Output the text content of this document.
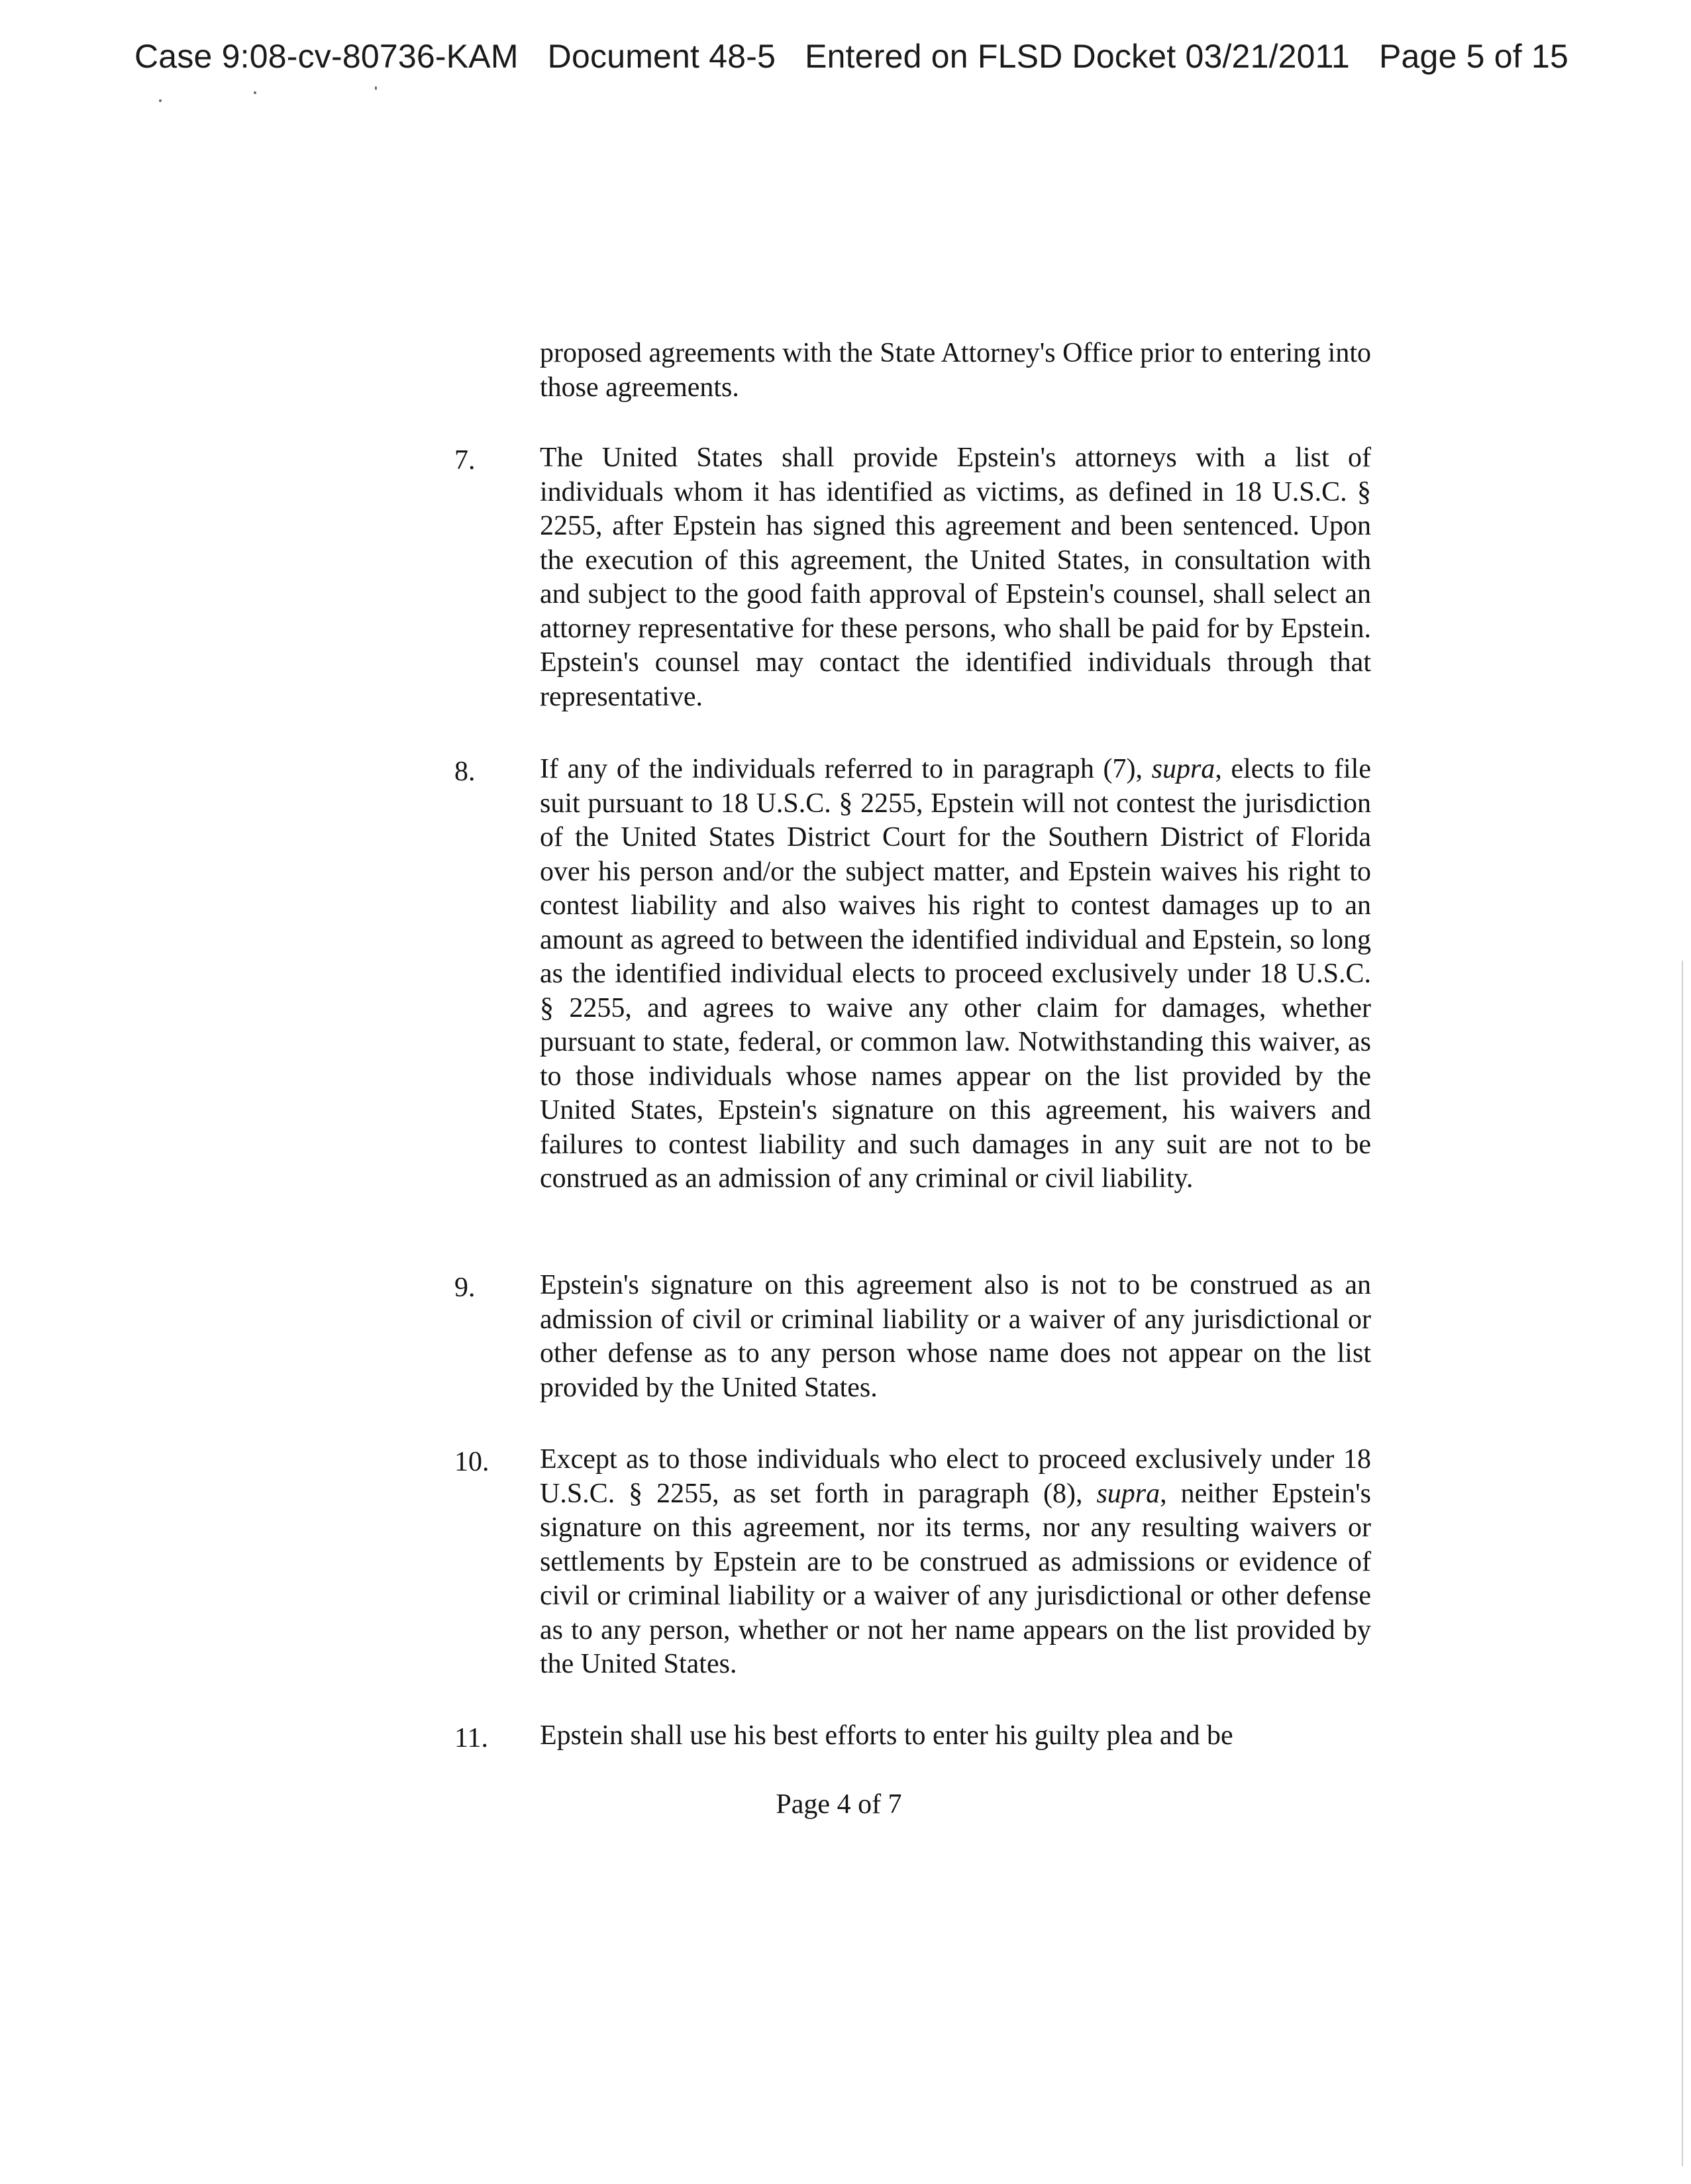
Case 9:08-cv-80736-KAM Document 48-5 Entered on FLSD Docket 03/21/2011 Page 5 of 15
proposed agreements with the State Attorney's Office prior to entering into those agreements.
7. The United States shall provide Epstein's attorneys with a list of individuals whom it has identified as victims, as defined in 18 U.S.C. § 2255, after Epstein has signed this agreement and been sentenced. Upon the execution of this agreement, the United States, in consultation with and subject to the good faith approval of Epstein's counsel, shall select an attorney representative for these persons, who shall be paid for by Epstein. Epstein's counsel may contact the identified individuals through that representative.
8. If any of the individuals referred to in paragraph (7), supra, elects to file suit pursuant to 18 U.S.C. § 2255, Epstein will not contest the jurisdiction of the United States District Court for the Southern District of Florida over his person and/or the subject matter, and Epstein waives his right to contest liability and also waives his right to contest damages up to an amount as agreed to between the identified individual and Epstein, so long as the identified individual elects to proceed exclusively under 18 U.S.C. § 2255, and agrees to waive any other claim for damages, whether pursuant to state, federal, or common law. Notwithstanding this waiver, as to those individuals whose names appear on the list provided by the United States, Epstein's signature on this agreement, his waivers and failures to contest liability and such damages in any suit are not to be construed as an admission of any criminal or civil liability.
9. Epstein's signature on this agreement also is not to be construed as an admission of civil or criminal liability or a waiver of any jurisdictional or other defense as to any person whose name does not appear on the list provided by the United States.
10. Except as to those individuals who elect to proceed exclusively under 18 U.S.C. § 2255, as set forth in paragraph (8), supra, neither Epstein's signature on this agreement, nor its terms, nor any resulting waivers or settlements by Epstein are to be construed as admissions or evidence of civil or criminal liability or a waiver of any jurisdictional or other defense as to any person, whether or not her name appears on the list provided by the United States.
11. Epstein shall use his best efforts to enter his guilty plea and be
Page 4 of 7
